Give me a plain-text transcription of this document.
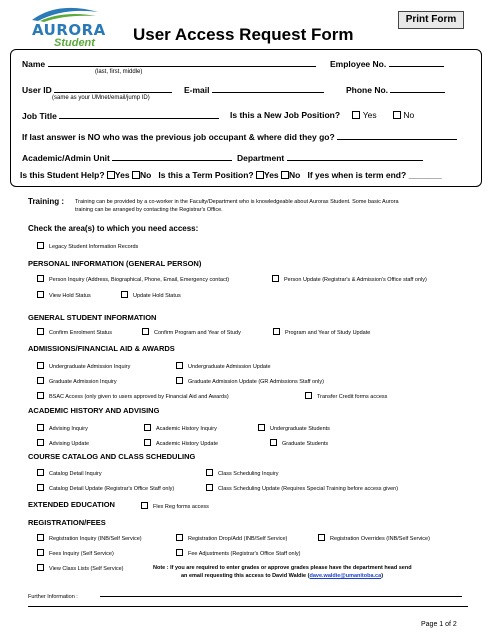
AURORA
Student
Print Form
User Access Request Form
Name
(last, first, middle)
Employee No.
User ID
(same as your UMnet/email/jump ID)
E-mail	Phone No.
Job Title	Is this a New Job Position?	Yes	No
If last answer is NO who was the previous job occupant & where did they go?
Academic/Admin Unit	Department
Is this Student Help? Yes No Is this a Term Position? Yes No If yes when is term end? _______
Training : Training can be provided by a co-worker in the Faculty/Department who is knowledgeable about Auroras Student. Some basic Aurora
training can be arranged by contacting the Registrar's Office.
Check the area(s) to which you need access:
Legacy Student Information Records
PERSONAL INFORMATION (GENERAL PERSON)
Person Inquiry (Address, Biographical, Phone, Email, Emergency contact)	Person Update (Registrar's & Admission's Office staff only)
View Hold Status	Update Hold Status
GENERAL STUDENT INFORMATION
Confirm Enrolment Status	Confirm Program and Year of Study	Program and Year of Study Update
ADMISSIONS/FINANCIAL AID & AWARDS
Undergraduate Admission Inquiry	Undergraduate Admission Update
Graduate Admission Inquiry	Graduate Admission Update (GR Admissions Staff only)
BSAC Access (only given to users approved by Financial Aid and Awards)	Transfer Credit forms access
ACADEMIC HISTORY AND ADVISING
Advising Inquiry	Academic History Inquiry	Undergraduate Students
Advising Update	Academic History Update	Graduate Students
COURSE CATALOG AND CLASS SCHEDULING
Catalog Detail Inquiry	Class Scheduling Inquiry
Catalog Detail Update (Registrar's Office Staff only)	Class Scheduling Update (Requires Special Training before access given)
EXTENDED EDUCATION	Flex Reg forms access
REGISTRATION/FEES
Registration Inquiry (INB/Self Service)	Registration Drop/Add (INB/Self Service)	Registration Overrides (INB/Self Service)
Fees Inquiry (Self Service)	Fee Adjustments (Registrar's Office Staff only)
View Class Lists (Self Service)	Note : If you are required to enter grades or approve grades please have the department head send
an email requesting this access to David Waldie (dave.waldie@umanitoba.ca)
Further Information :
Page 1 of 2
